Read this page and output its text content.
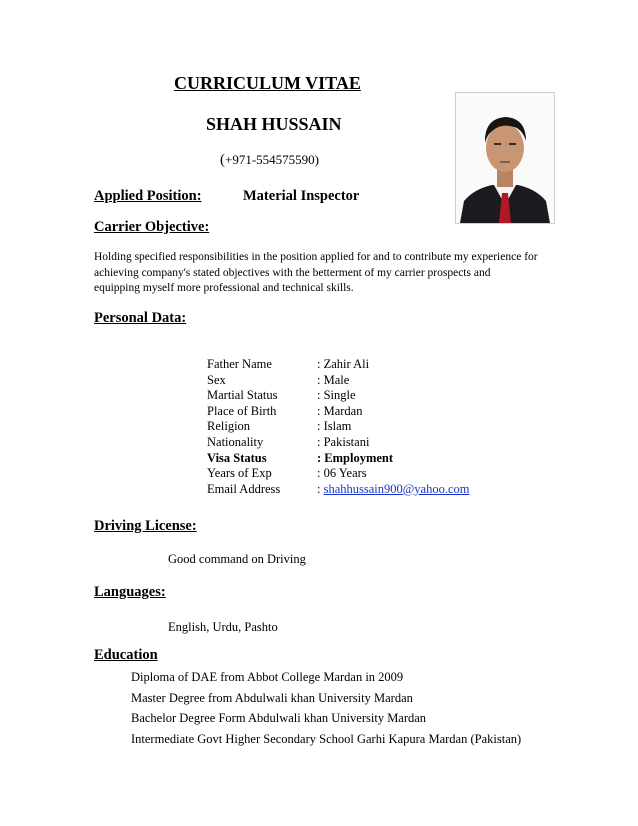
CURRICULUM VITAE
SHAH HUSSAIN
(+971-554575590)
Applied Position:	Material Inspector
Carrier Objective:

Holding specified responsibilities in the position applied for and to contribute my experience for achieving company's stated objectives with the betterment of my carrier prospects and equipping myself more professional and technical skills.

Personal Data:
Father Name	: Zahir Ali
Sex	: Male
Martial Status	: Single
Place of Birth	: Mardan
Religion	: Islam
Nationality	: Pakistani
Visa Status	: Employment
Years of Exp	: 06 Years
Email Address	: shahhussain900@yahoo.com
Driving License:
Good command on Driving
Languages:
English, Urdu, Pashto
Education
Diploma of DAE from Abbot College Mardan in 2009
Master Degree from Abdulwali khan University Mardan
Bachelor Degree Form Abdulwali khan University Mardan
Intermediate Govt Higher Secondary School Garhi Kapura Mardan (Pakistan)
